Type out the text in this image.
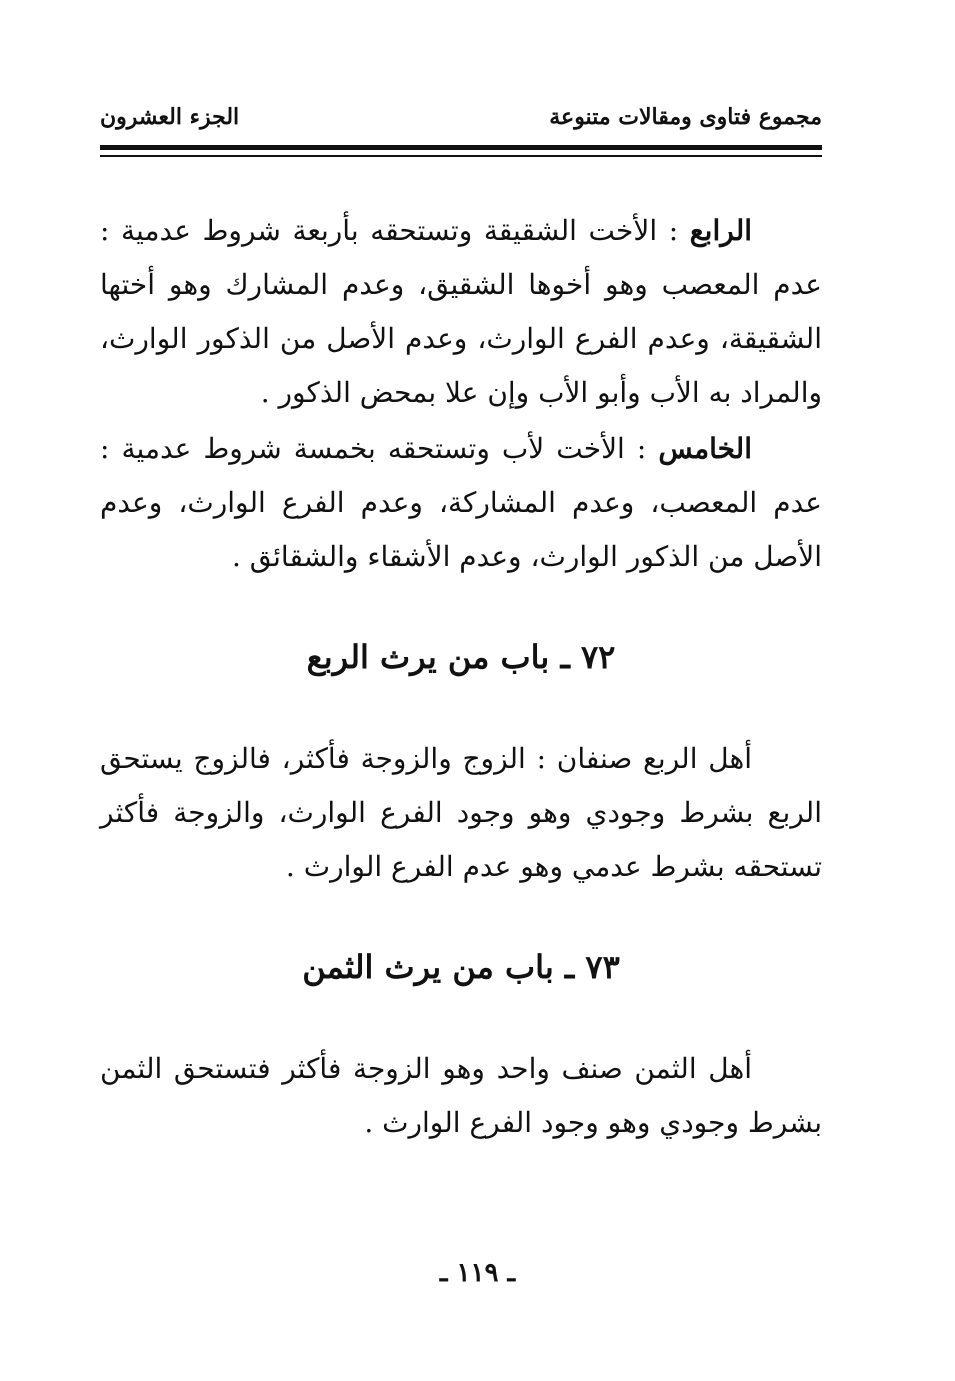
مجموع فتاوى ومقالات متنوعة
الجزء العشرون

الرابع : الأخت الشقيقة وتستحقه بأربعة شروط عدمية : عدم المعصب وهو أخوها الشقيق، وعدم المشارك وهو أختها الشقيقة، وعدم الفرع الوارث، وعدم الأصل من الذكور الوارث، والمراد به الأب وأبو الأب وإن علا بمحض الذكور .

الخامس : الأخت لأب وتستحقه بخمسة شروط عدمية : عدم المعصب، وعدم المشاركة، وعدم الفرع الوارث، وعدم الأصل من الذكور الوارث، وعدم الأشقاء والشقائق .

٧٢ ـ باب من يرث الربع

أهل الربع صنفان : الزوج والزوجة فأكثر، فالزوج يستحق الربع بشرط وجودي وهو وجود الفرع الوارث، والزوجة فأكثر تستحقه بشرط عدمي وهو عدم الفرع الوارث .

٧٣ ـ باب من يرث الثمن

أهل الثمن صنف واحد وهو الزوجة فأكثر فتستحق الثمن بشرط وجودي وهو وجود الفرع الوارث .

ـ ١١٩ ـ
